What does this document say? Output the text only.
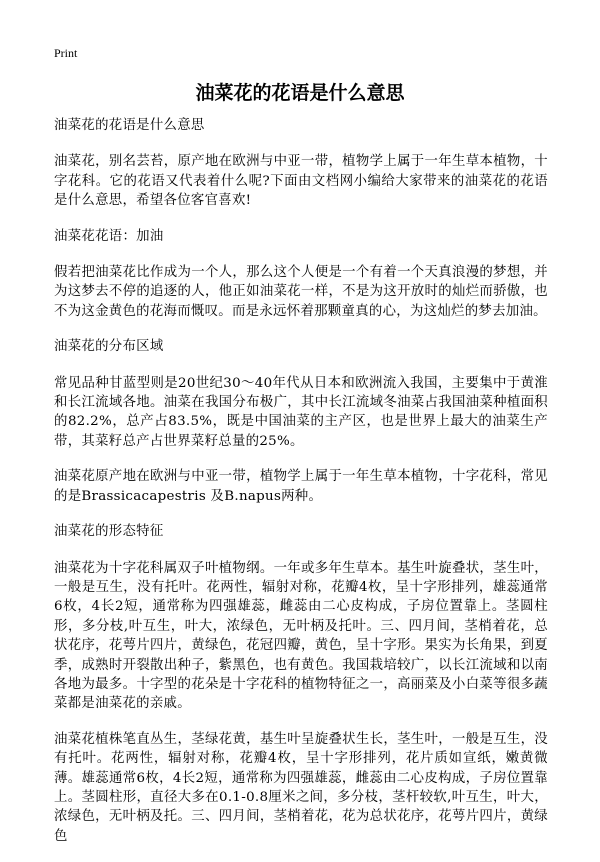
Print
油菜花的花语是什么意思

油菜花的花语是什么意思

油菜花，别名芸苔，原产地在欧洲与中亚一带，植物学上属于一年生草本植物，十字花科。它的花语又代表着什么呢?下面由文档网小编给大家带来的油菜花的花语是什么意思，希望各位客官喜欢!

油菜花花语：加油

假若把油菜花比作成为一个人，那么这个人便是一个有着一个天真浪漫的梦想，并为这梦去不停的追逐的人，他正如油菜花一样，不是为这开放时的灿烂而骄傲，也不为这金黄色的花海而慨叹。而是永远怀着那颗童真的心，为这灿烂的梦去加油。

油菜花的分布区域

常见品种甘蓝型则是20世纪30～40年代从日本和欧洲流入我国，主要集中于黄淮和长江流域各地。油菜在我国分布极广，其中长江流域冬油菜占我国油菜种植面积的82.2%，总产占83.5%，既是中国油菜的主产区，也是世界上最大的油菜生产带，其菜籽总产占世界菜籽总量的25%。

油菜花原产地在欧洲与中亚一带，植物学上属于一年生草本植物，十字花科，常见的是Brassicacapestris 及B.napus两种。

油菜花的形态特征

油菜花为十字花科属双子叶植物纲。一年或多年生草本。基生叶旋叠状，茎生叶，一般是互生，没有托叶。花两性，辐射对称，花瓣4枚，呈十字形排列，雄蕊通常6枚，4长2短，通常称为四强雄蕊，雌蕊由二心皮构成，子房位置靠上。茎圆柱形，多分枝,叶互生，叶大，浓绿色，无叶柄及托叶。三、四月间，茎梢着花，总状花序，花萼片四片，黄绿色，花冠四瓣，黄色，呈十字形。果实为长角果，到夏季，成熟时开裂散出种子，紫黑色，也有黄色。我国栽培较广，以长江流域和以南各地为最多。十字型的花朵是十字花科的植物特征之一，高丽菜及小白菜等很多蔬菜都是油菜花的亲戚。

油菜花植株笔直丛生，茎绿花黄，基生叶呈旋叠状生长，茎生叶，一般是互生，没有托叶。花两性，辐射对称，花瓣4枚，呈十字形排列，花片质如宣纸，嫩黄微薄。雄蕊通常6枚，4长2短，通常称为四强雄蕊，雌蕊由二心皮构成，子房位置靠上。茎圆柱形，直径大多在0.1-0.8厘米之间，多分枝，茎杆较软,叶互生，叶大，浓绿色，无叶柄及托。三、四月间，茎梢着花，花为总状花序，花萼片四片，黄绿色
